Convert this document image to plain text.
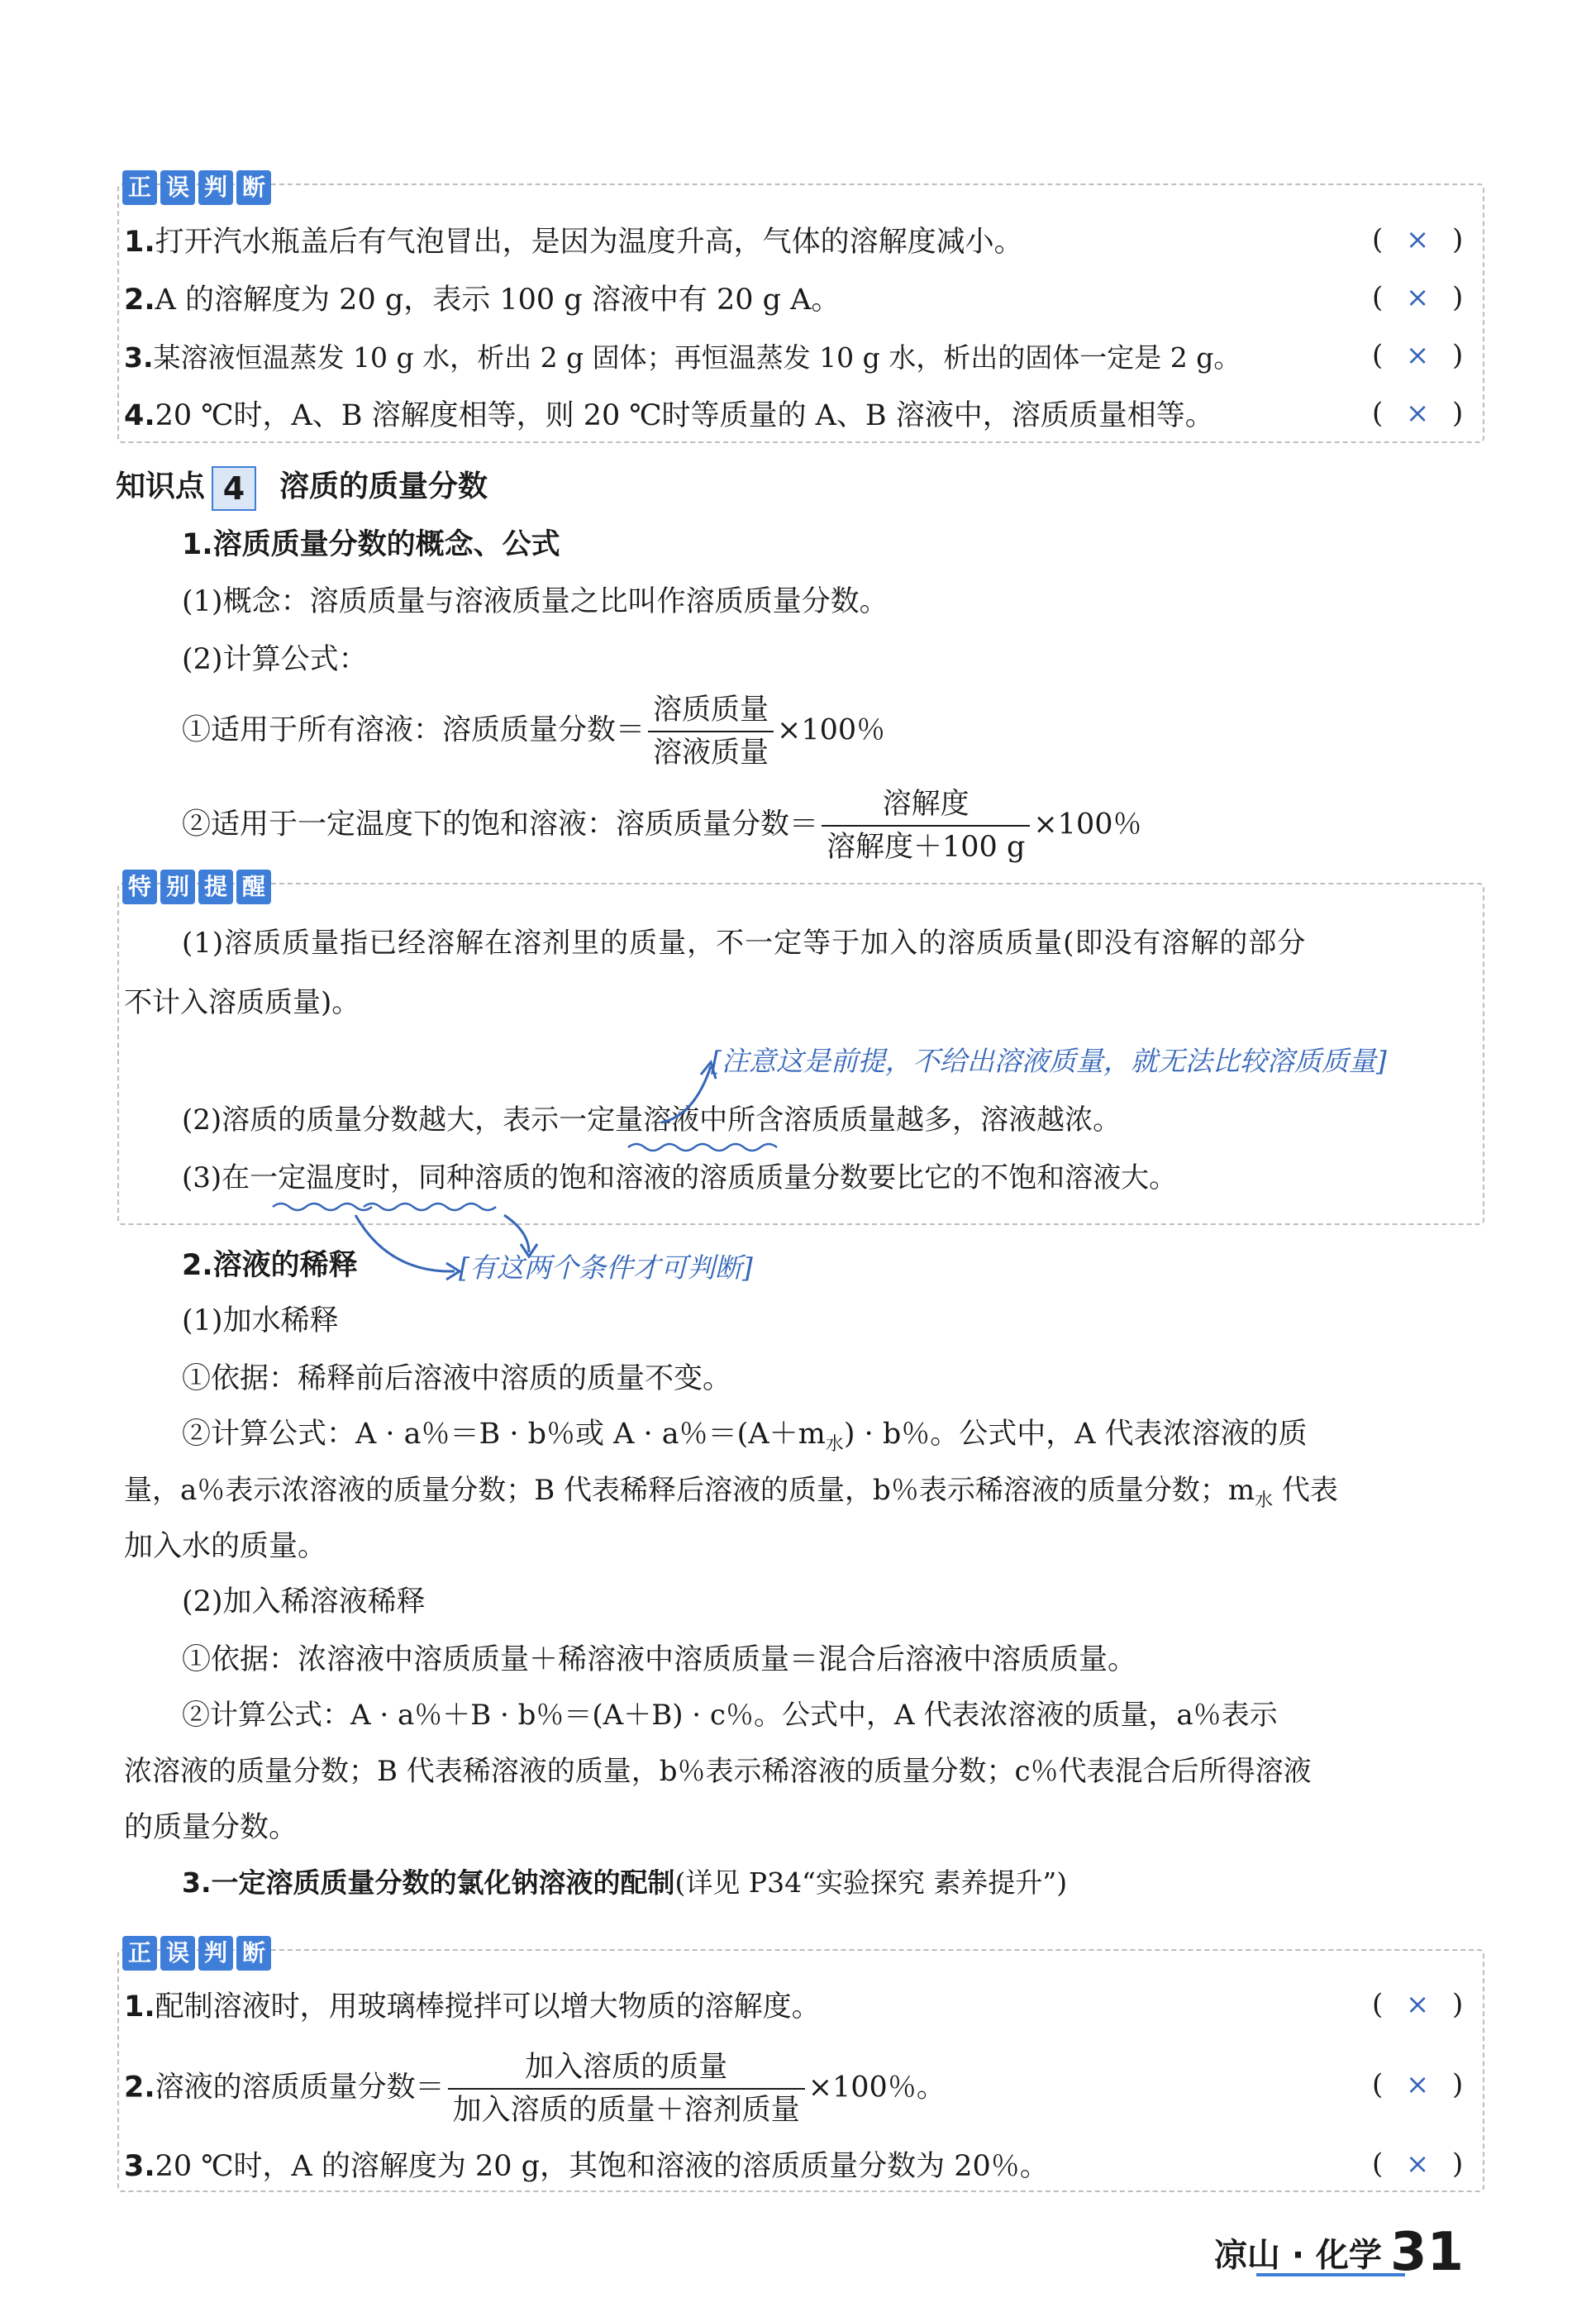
正 误 判 断
1.打开汽水瓶盖后有气泡冒出，是因为温度升高，气体的溶解度减小。	(  ×  )
2.A 的溶解度为 20 g，表示 100 g 溶液中有 20 g A。	(  ×  )
3.某溶液恒温蒸发 10 g 水，析出 2 g 固体；再恒温蒸发 10 g 水，析出的固体一定是 2 g。	(  ×  )
4.20 ℃时，A、B 溶解度相等，则 20 ℃时等质量的 A、B 溶液中，溶质质量相等。	(  ×  )
知识点 4 溶质的质量分数
1.溶质质量分数的概念、公式
(1)概念：溶质质量与溶液质量之比叫作溶质质量分数。
(2)计算公式：
①适用于所有溶液：溶质质量分数＝ $\frac{\text{溶质质量}}{\text{溶液质量}} \times 100$％
②适用于一定温度下的饱和溶液：溶质质量分数＝ $\frac{\text{溶解度}}{\text{溶解度＋100 g}} \times 100$％
特 别 提 醒
(1)溶质质量指已经溶解在溶剂里的质量，不一定等于加入的溶质质量(即没有溶解的部分
不计入溶质质量)。
[注意这是前提，不给出溶液质量，就无法比较溶质质量]
(2)溶质的质量分数越大，表示一定量溶液中所含溶质质量越多，溶液越浓。
(3)在一定温度时，同种溶质的饱和溶液的溶质质量分数要比它的不饱和溶液大。
2.溶液的稀释	[有这两个条件才可判断]
(1)加水稀释
①依据：稀释前后溶液中溶质的质量不变。
②计算公式：A · a％＝B · b％或 A · a％$=(A+m_水) \cdot b$％。公式中，A 代表浓溶液的质
量，a％表示浓溶液的质量分数；B 代表稀释后溶液的质量，b％表示稀溶液的质量分数；$m_水$ 代表
加入水的质量。
(2)加入稀溶液稀释
①依据：浓溶液中溶质质量＋稀溶液中溶质质量＝混合后溶液中溶质质量。
②计算公式：A · a％＋B · b％＝(A＋B) · c％。公式中，A 代表浓溶液的质量，a％表示
浓溶液的质量分数；B 代表稀溶液的质量，b％表示稀溶液的质量分数；c％代表混合后所得溶液
的质量分数。
3.一定溶质质量分数的氯化钠溶液的配制(详见 P34“实验探究 素养提升”)
正 误 判 断
1.配制溶液时，用玻璃棒搅拌可以增大物质的溶解度。	(  ×  )
2.溶液的溶质质量分数＝ $\frac{\text{加入溶质的质量}}{\text{加入溶质的质量＋溶剂质量}} \times 100$％。	(  ×  )
3.20 ℃时，A 的溶解度为 20 g，其饱和溶液的溶质质量分数为 20％。	(  ×  )
凉山 · 化学 31
